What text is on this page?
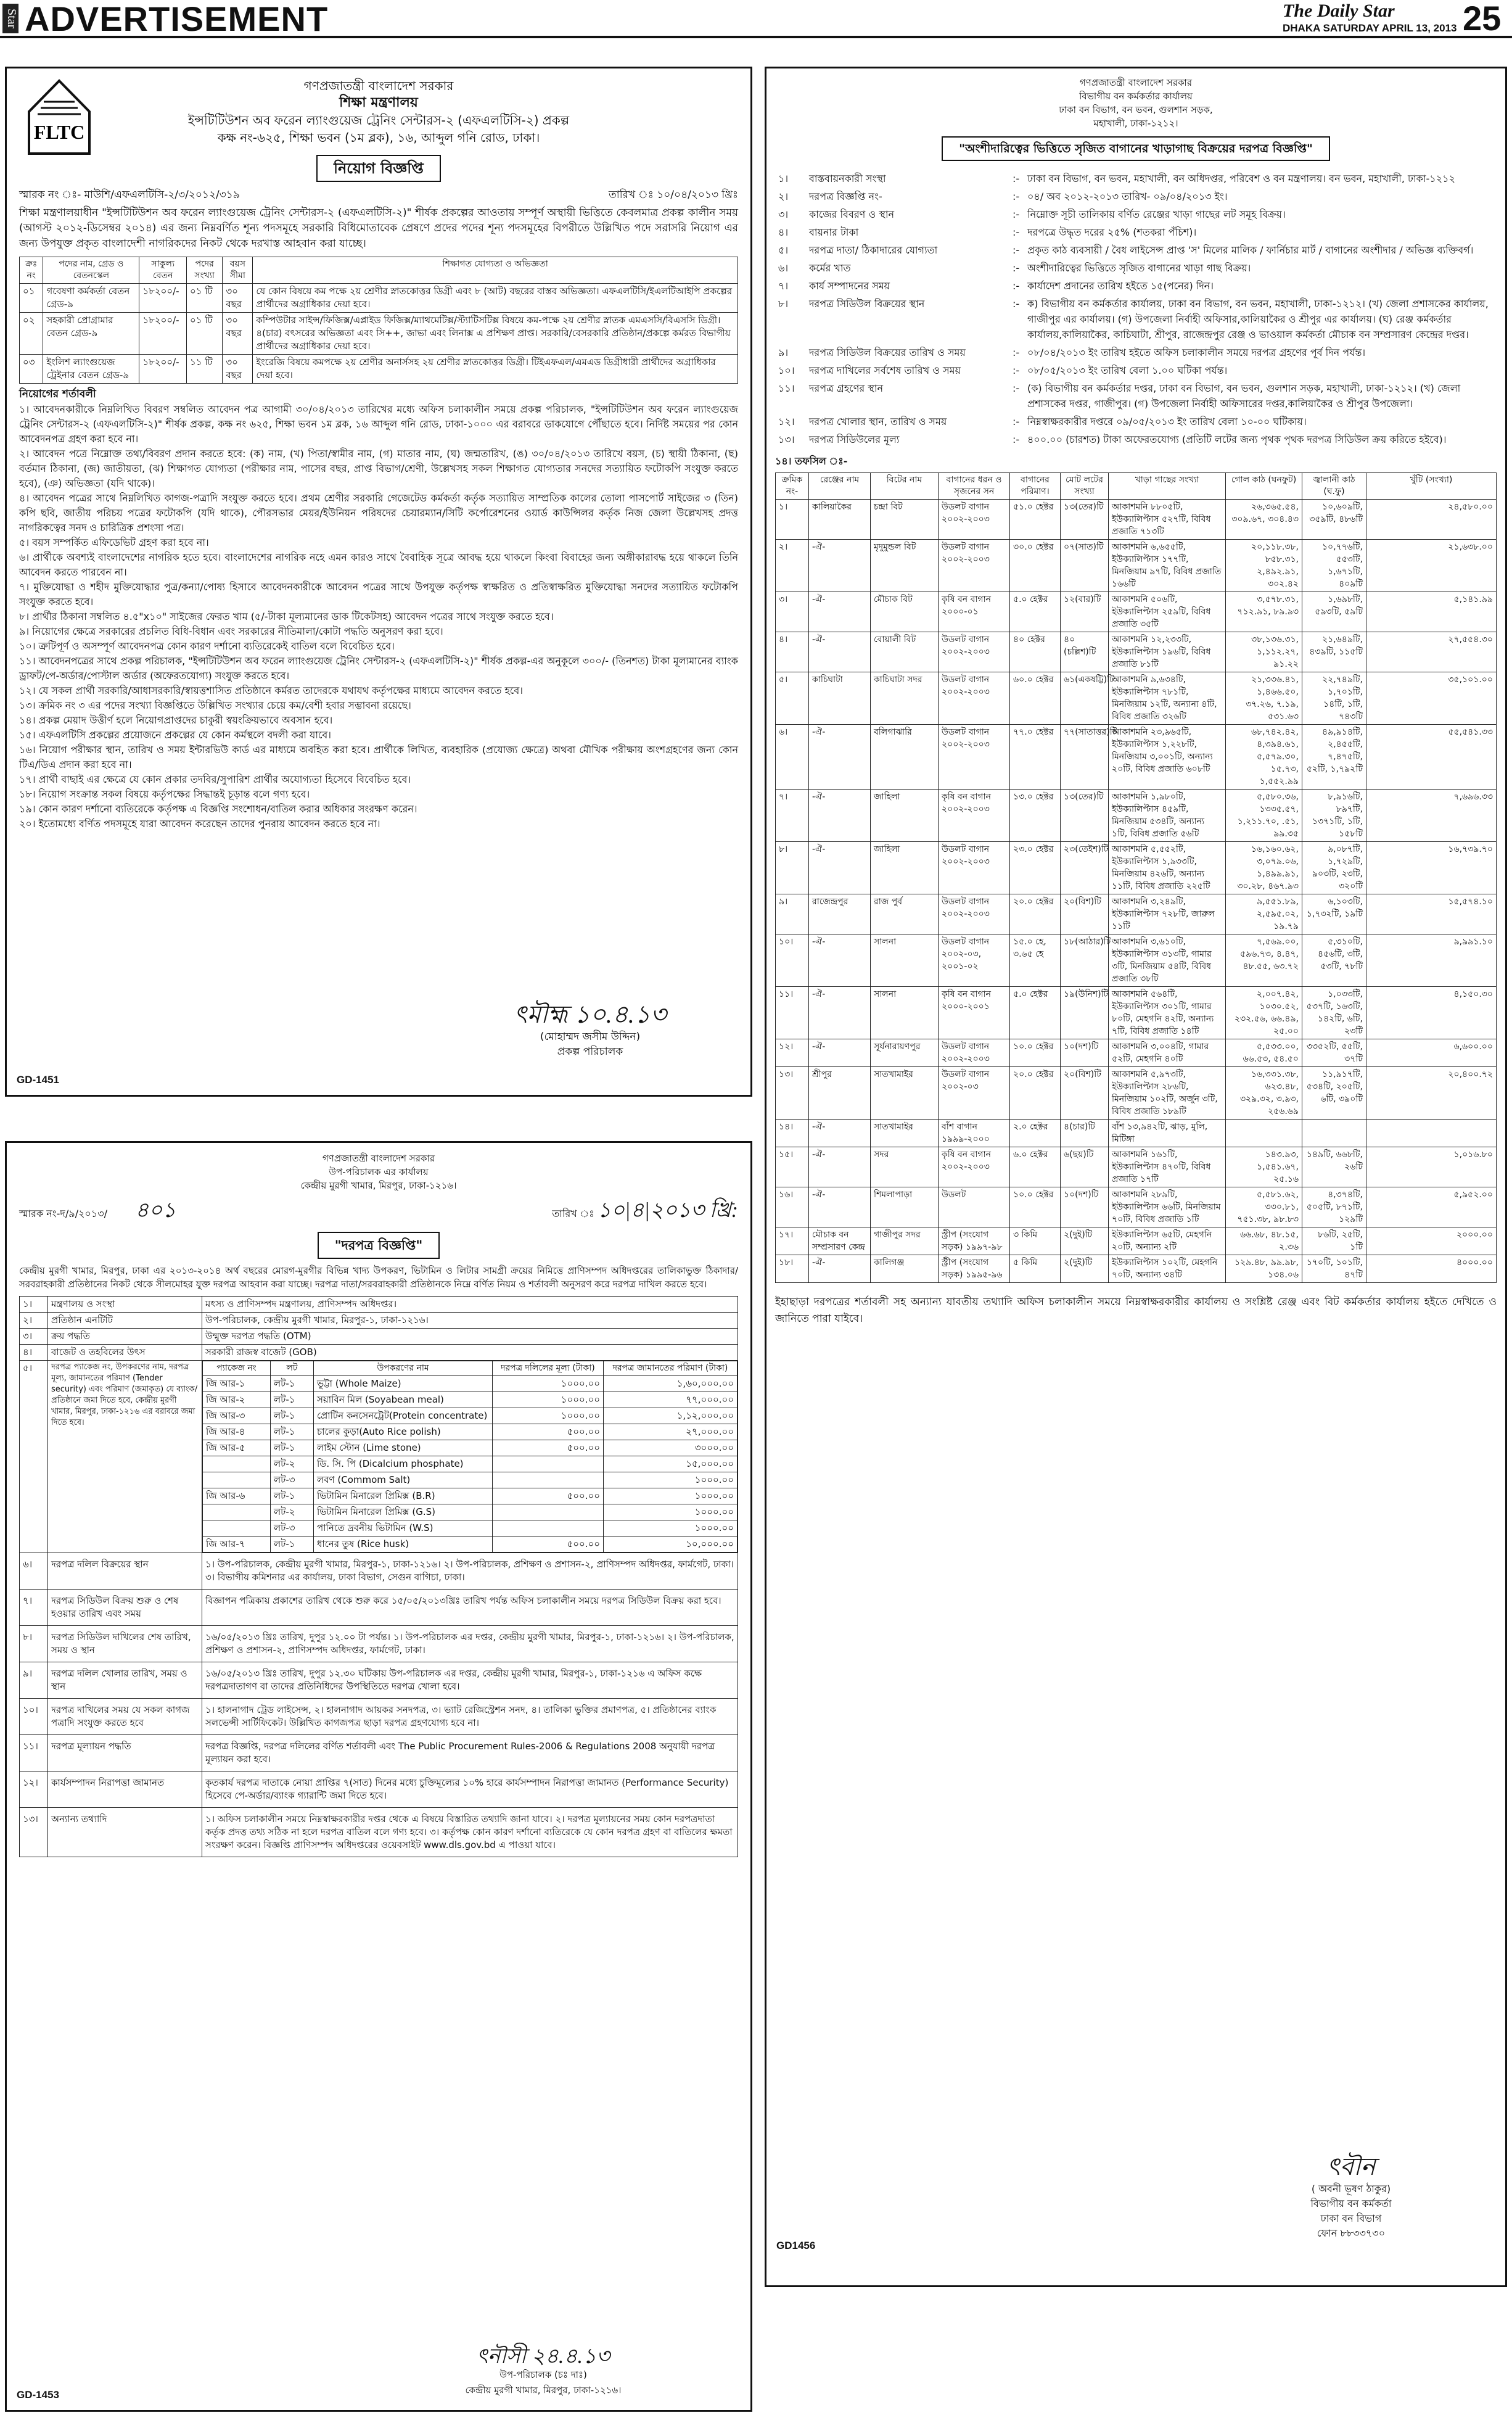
Star ADVERTISEMENT	The Daily Star
DHAKA SATURDAY APRIL 13, 2013 25
FLTC
গণপ্রজাতন্ত্রী বাংলাদেশ সরকার
শিক্ষা মন্ত্রণালয়
ইন্সটিটিউশন অব ফরেন ল্যাংগুয়েজ ট্রেনিং সেন্টারস-২ (এফএলটিসি-২) প্রকল্প
কক্ষ নং-৬২৫, শিক্ষা ভবন (১ম ব্লক), ১৬, আব্দুল গনি রোড, ঢাকা।
নিয়োগ বিজ্ঞপ্তি
স্মারক নং ঃ- মাউশি/এফএলটিসি-২/৩/২০১২/৩১৯	তারিখ ঃ ১০/০৪/২০১৩ খ্রিঃ

শিক্ষা মন্ত্রণালয়াধীন "ইন্সটিটিউশন অব ফরেন ল্যাংগুয়েজ ট্রেনিং সেন্টারস-২ (এফএলটিসি-২)" শীর্ষক প্রকল্পের আওতায় সম্পূর্ণ অস্থায়ী ভিত্তিতে কেবলমাত্র প্রকল্প কালীন সময় (আগস্ট ২০১২-ডিসেম্বর ২০১৪) এর জন্য নিম্নবর্ণিত শূন্য পদসমূহে সরকারি বিধিমোতাবেক প্রেষণে প্রদের পদের শূন্য পদসমূহের বিপরীতে উল্লিখিত পদে সরাসরি নিয়োগ এর জন্য উপযুক্ত প্রকৃত বাংলাদেশী নাগরিকদের নিকট থেকে দরখাস্ত আহবান করা যাচ্ছে।

ক্রঃ নং	পদের নাম, গ্রেড ও বেতনস্কেল	সাকুল্য বেতন	পদের সংখ্যা	বয়স সীমা	শিক্ষাগত যোগ্যতা ও অভিজ্ঞতা
০১	গবেষণা কর্মকর্তা বেতন গ্রেড-৯	১৮২০০/-	০১ টি	৩০ বছর	যে কোন বিষয়ে কম পক্ষে ২য় শ্রেণীর স্নাতকোত্তর ডিগ্রী এবং ৮ (আট) বছরের বাস্তব অভিজ্ঞতা। এফএলটিসি/ইএলটিআইপি প্রকল্পের প্রার্থীদের অগ্রাধিকার দেয়া হবে।
০২	সহকারী প্রোগ্রামার বেতন গ্রেড-৯	১৮২০০/-	০১ টি	৩০ বছর	কম্পিউটার সাইন্স/ফিজিক্স/এপ্লাইড ফিজিক্স/ম্যাথমেটিক্স/স্ট্যাটিসটিক্স বিষয়ে কম-পক্ষে ২য় শ্রেণীর স্নাতক এমএসসি/বিএসসি ডিগ্রী। ৪(চার) বৎসরের অভিজ্ঞতা এবং সি++, জাভা এবং লিনাক্স এ প্রশিক্ষণ প্রাপ্ত। সরকারি/বেসরকারি প্রতিষ্ঠান/প্রকল্পে কর্মরত বিভাগীয় প্রার্থীদের অগ্রাধিকার দেয়া হবে।
০৩	ইংলিশ ল্যাংগুয়েজ ট্রেইনার বেতন গ্রেড-৯	১৮২০০/-	১১ টি	৩০ বছর	ইংরেজি বিষয়ে কমপক্ষে ২য় শ্রেণীর অনার্সসহ ২য় শ্রেণীর স্নাতকোত্তর ডিগ্রী। টিইএফএল/এমএড ডিগ্রীধারী প্রার্থীদের অগ্রাধিকার দেয়া হবে।
নিয়োগের শর্তাবলী
১। আবেদনকারীকে নিম্নলিখিত বিবরণ সম্বলিত আবেদন পত্র আগামী ৩০/০৪/২০১৩ তারিখের মধ্যে অফিস চলাকালীন সময়ে প্রকল্প পরিচালক, "ইন্সটিটিউশন অব ফরেন ল্যাংগুয়েজ ট্রেনিং সেন্টারস-২ (এফএলটিসি-২)" শীর্ষক প্রকল্প, কক্ষ নং ৬২৫, শিক্ষা ভবন ১ম ব্লক, ১৬ আব্দুল গনি রোড, ঢাকা-১০০০ এর বরাবরে ডাকযোগে পৌঁছাতে হবে। নির্দিষ্ট সময়ের পর কোন আবেদনপত্র গ্রহণ করা হবে না।
২। আবেদন পত্রে নিম্নোক্ত তথ্য/বিবরণ প্রদান করতে হবে: (ক) নাম, (খ) পিতা/স্বামীর নাম, (গ) মাতার নাম, (ঘ) জন্মতারিখ, (ঙ) ৩০/০৪/২০১৩ তারিখে বয়স, (চ) স্থায়ী ঠিকানা, (ছ) বর্তমান ঠিকানা, (জ) জাতীয়তা, (ঝ) শিক্ষাগত যোগ্যতা (পরীক্ষার নাম, পাসের বছর, প্রাপ্ত বিভাগ/শ্রেণী, উল্লেখসহ সকল শিক্ষাগত যোগ্যতার সনদের সত্যায়িত ফটোকপি সংযুক্ত করতে হবে), (ঞ) অভিজ্ঞতা (যদি থাকে)।
৪। আবেদন পত্রের সাথে নিম্নলিখিত কাগজ-পত্রাদি সংযুক্ত করতে হবে। প্রথম শ্রেণীর সরকারি গেজেটেড কর্মকর্তা কর্তৃক সত্যায়িত সাম্প্রতিক কালের তোলা পাসপোর্ট সাইজের ৩ (তিন) কপি ছবি, জাতীয় পরিচয় পত্রের ফটোকপি (যদি থাকে), পৌরসভার মেয়র/ইউনিয়ন পরিষদের চেয়ারম্যান/সিটি কর্পোরেশনের ওয়ার্ড কাউন্সিলর কর্তৃক নিজ জেলা উল্লেখসহ প্রদত্ত নাগরিকত্বের সনদ ও চারিত্রিক প্রশংসা পত্র।
৫। বয়স সম্পর্কিত এফিডেভিট গ্রহণ করা হবে না।
৬। প্রার্থীকে অবশ্যই বাংলাদেশের নাগরিক হতে হবে। বাংলাদেশের নাগরিক নহে এমন কারও সাথে বৈবাহিক সূত্রে আবদ্ধ হয়ে থাকলে কিংবা বিবাহের জন্য অঙ্গীকারাবদ্ধ হয়ে থাকলে তিনি আবেদন করতে পারবেন না।
৭। মুক্তিযোদ্ধা ও শহীদ মুক্তিযোদ্ধার পুত্র/কন্যা/পোষ্য হিসাবে আবেদনকারীকে আবেদন পত্রের সাথে উপযুক্ত কর্তৃপক্ষ স্বাক্ষরিত ও প্রতিস্বাক্ষরিত মুক্তিযোদ্ধা সনদের সত্যায়িত ফটোকপি সংযুক্ত করতে হবে।
৮। প্রার্থীর ঠিকানা সম্বলিত ৪.৫"x১০" সাইজের ফেরত খাম (৫/-টাকা মূল্যমানের ডাক টিকেটসহ) আবেদন পত্রের সাথে সংযুক্ত করতে হবে।
৯। নিয়োগের ক্ষেত্রে সরকারের প্রচলিত বিধি-বিধান এবং সরকারের নীতিমালা/কোটা পদ্ধতি অনুসরণ করা হবে।
১০। ত্রুটিপূর্ণ ও অসম্পূর্ণ আবেদনপত্র কোন কারণ দর্শানো ব্যতিরেকেই বাতিল বলে বিবেচিত হবে।
১১। আবেদনপত্রের সাথে প্রকল্প পরিচালক, "ইন্সটিটিউশন অব ফরেন ল্যাংগুয়েজ ট্রেনিং সেন্টারস-২ (এফএলটিসি-২)" শীর্ষক প্রকল্প-এর অনুকূলে ৩০০/- (তিনশত) টাকা মূল্যমানের ব্যাংক ড্রাফট/পে-অর্ডার/পোস্টাল অর্ডার (অফেরতযোগ্য) সংযুক্ত করতে হবে।
১২। যে সকল প্রার্থী সরকারি/আধাসরকারি/স্বায়ত্তশাসিত প্রতিষ্ঠানে কর্মরত তাদেরকে যথাযথ কর্তৃপক্ষের মাধ্যমে আবেদন করতে হবে।
১৩। ক্রমিক নং ৩ এর পদের সংখ্যা বিজ্ঞপ্তিতে উল্লিখিত সংখ্যার চেয়ে কম/বেশী হবার সম্ভাবনা রয়েছে।
১৪। প্রকল্প মেয়াদ উত্তীর্ণ হলে নিয়োগপ্রাপ্তদের চাকুরী স্বয়ংক্রিয়ভাবে অবসান হবে।
১৫। এফএলটিসি প্রকল্পের প্রয়োজনে প্রকল্পের যে কোন কর্মস্থলে বদলী করা যাবে।
১৬। নিয়োগ পরীক্ষার স্থান, তারিখ ও সময় ইন্টারভিউ কার্ড এর মাধ্যমে অবহিত করা হবে। প্রার্থীকে লিখিত, ব্যবহারিক (প্রযোজ্য ক্ষেত্রে) অথবা মৌখিক পরীক্ষায় অংশগ্রহণের জন্য কোন টিএ/ডিএ প্রদান করা হবে না।
১৭। প্রার্থী বাছাই এর ক্ষেত্রে যে কোন প্রকার তদবির/সুপারিশ প্রার্থীর অযোগ্যতা হিসেবে বিবেচিত হবে।
১৮। নিয়োগ সংক্রান্ত সকল বিষয়ে কর্তৃপক্ষের সিদ্ধান্তই চূড়ান্ত বলে গণ্য হবে।
১৯। কোন কারণ দর্শানো ব্যতিরেকে কর্তৃপক্ষ এ বিজ্ঞপ্তি সংশোধন/বাতিল করার অধিকার সংরক্ষণ করেন।
২০। ইতোমধ্যে বর্ণিত পদসমূহে যারা আবেদন করেছেন তাদের পুনরায় আবেদন করতে হবে না।
ৎমৗহ্ম ১০.৪.১৩
(মোহাম্মদ জসীম উদ্দিন)
প্রকল্প পরিচালক
GD-1451
গণপ্রজাতন্ত্রী বাংলাদেশ সরকার
উপ-পরিচালক এর কার্যালয়
কেন্দ্রীয় মুরগী খামার, মিরপুর, ঢাকা-১২১৬।
স্মারক নং-দ/৯/২০১৩/ ৪০১	তারিখ ঃ ১০|৪|২০১৩ খ্রি:
"দরপত্র বিজ্ঞপ্তি"

কেন্দ্রীয় মুরগী খামার, মিরপুর, ঢাকা এর ২০১৩-২০১৪ অর্থ বছরের মোরগ-মুরগীর বিভিন্ন খাদ্য উপকরণ, ভিটামিন ও লিটার সামগ্রী ক্রয়ের নিমিত্তে প্রাণিসম্পদ অধিদপ্তরের তালিকাভুক্ত ঠিকাদার/সরবরাহকারী প্রতিষ্ঠানের নিকট থেকে সীলমোহর যুক্ত দরপত্র আহবান করা যাচ্ছে। দরপত্র দাতা/সরবরাহকারী প্রতিষ্ঠানকে নিম্নে বর্ণিত নিয়ম ও শর্তাবলী অনুসরণ করে দরপত্র দাখিল করতে হবে।

১।	মন্ত্রণালয় ও সংস্থা	মৎস্য ও প্রাণিসম্পদ মন্ত্রণালয়, প্রাণিসম্পদ অধিদপ্তর।
২।	প্রতিষ্ঠান এনটিটি	উপ-পরিচালক, কেন্দ্রীয় মুরগী খামার, মিরপুর-১, ঢাকা-১২১৬।
৩।	ক্রয় পদ্ধতি	উন্মুক্ত দরপত্র পদ্ধতি (OTM)
৪।	বাজেট ও তহবিলের উৎস	সরকারী রাজস্ব বাজেট (GOB)
৫।	দরপত্র প্যাকেজ নং, উপকরণের নাম, দরপত্র মূল্য, জামানতের পরিমাণ (Tender security) এবং পরিমাণ (জমাকৃত) যে ব্যাংক/প্রতিষ্ঠানে জমা দিতে হবে, কেন্দ্রীয় মুরগী খামার, মিরপুর, ঢাকা-১২১৬ এর বরাবরে জমা দিতে হবে।	
প্যাকেজ নং	লট	উপকরণের নাম	দরপত্র দলিলের মূল্য (টাকা)	দরপত্র জামানতের পরিমাণ (টাকা)
জি আর-১	লট-১	ভুট্টা (Whole Maize)	১০০০.০০	১,৬০,০০০.০০
জি আর-২	লট-১	সয়াবিন মিল (Soyabean meal)	১০০০.০০	৭৭,০০০.০০
জি আর-৩	লট-১	প্রোটিন কনসেনট্রেট(Protein concentrate)	১০০০.০০	১,১২,০০০.০০
জি আর-৪	লট-১	চালের কুড়া(Auto Rice polish)	৫০০.০০	২৭,০০০.০০
জি আর-৫	লট-১	লাইম স্টোন (Lime stone)	৫০০.০০	৩০০০.০০
	লট-২	ডি. সি. পি (Dicalcium phosphate)		১৫,০০০.০০
	লট-৩	লবণ (Commom Salt)		১০০০.০০
জি আর-৬	লট-১	ভিটামিন মিনারেল প্রিমিক্স (B.R)	৫০০.০০	১০০০.০০
	লট-২	ভিটামিন মিনারেল প্রিমিক্স (G.S)		১০০০.০০
	লট-৩	পানিতে দ্রবনীয় ভিটামিন (W.S)		১০০০.০০
জি আর-৭	লট-১	ধানের তুষ (Rice husk)	৫০০.০০	১০,০০০.০০

৬।	দরপত্র দলিল বিক্রয়ের স্থান	১। উপ-পরিচালক, কেন্দ্রীয় মুরগী খামার, মিরপুর-১, ঢাকা-১২১৬। ২। উপ-পরিচালক, প্রশিক্ষণ ও প্রশাসন-২, প্রাণিসম্পদ অধিদপ্তর, ফার্মগেট, ঢাকা। ৩। বিভাগীয় কমিশনার এর কার্যালয়, ঢাকা বিভাগ, সেগুন বাগিচা, ঢাকা।
৭।	দরপত্র সিডিউল বিক্রয় শুরু ও শেষ হওয়ার তারিখ এবং সময়	বিজ্ঞাপন পত্রিকায় প্রকাশের তারিখ থেকে শুরু করে ১৫/০৫/২০১৩খ্রিঃ তারিখ পর্যন্ত অফিস চলাকালীন সময়ে দরপত্র সিডিউল বিক্রয় করা হবে।
৮।	দরপত্র সিডিউল দাখিলের শেষ তারিখ, সময় ও স্থান	১৬/০৫/২০১৩ খ্রিঃ তারিখ, দুপুর ১২.০০ টা পর্যন্ত। ১। উপ-পরিচালক এর দপ্তর, কেন্দ্রীয় মুরগী খামার, মিরপুর-১, ঢাকা-১২১৬। ২। উপ-পরিচালক, প্রশিক্ষণ ও প্রশাসন-২, প্রাণিসম্পদ অধিদপ্তর, ফার্মগেট, ঢাকা।
৯।	দরপত্র দলিল খোলার তারিখ, সময় ও স্থান	১৬/০৫/২০১৩ খ্রিঃ তারিখ, দুপুর ১২.৩০ ঘটিকায় উপ-পরিচালক এর দপ্তর, কেন্দ্রীয় মুরগী খামার, মিরপুর-১, ঢাকা-১২১৬ এ অফিস কক্ষে দরপত্রদাতাগণ বা তাদের প্রতিনিধিদের উপস্থিতিতে দরপত্র খোলা হবে।
১০।	দরপত্র দাখিলের সময় যে সকল কাগজ পত্রাদি সংযুক্ত করতে হবে	১। হালনাগাদ ট্রেড লাইসেন্স, ২। হালনাগাদ আয়কর সনদপত্র, ৩। ভ্যাট রেজিস্ট্রেশন সনদ, ৪। তালিকা ভুক্তির প্রমাণপত্র, ৫। প্রতিষ্ঠানের ব্যাংক সলভেন্সী সার্টিফিকেট। উল্লিখিত কাগজপত্র ছাড়া দরপত্র গ্রহণযোগ্য হবে না।
১১।	দরপত্র মূল্যায়ন পদ্ধতি	দরপত্র বিজ্ঞপ্তি, দরপত্র দলিলের বর্ণিত শর্তাবলী এবং The Public Procurement Rules-2006 & Regulations 2008 অনুযায়ী দরপত্র মূল্যায়ন করা হবে।
১২।	কার্যসম্পাদন নিরাপত্তা জামানত	কৃতকার্য দরপত্র দাতাকে নোয়া প্রাপ্তির ৭(সাত) দিনের মধ্যে চুক্তিমূল্যের ১০% হারে কার্যসম্পাদন নিরাপত্তা জামানত (Performance Security) হিসেবে পে-অর্ডার/ব্যাংক গ্যারান্টি জমা দিতে হবে।
১৩।	অন্যান্য তথ্যাদি	১। অফিস চলাকালীন সময়ে নিম্নস্বাক্ষরকারীর দপ্তর থেকে এ বিষয়ে বিস্তারিত তথ্যাদি জানা যাবে। ২। দরপত্র মূল্যায়নের সময় কোন দরপত্রদাতা কর্তৃক প্রদত্ত তথ্য সঠিক না হলে দরপত্র বাতিল বলে গণ্য হবে। ৩। কর্তৃপক্ষ কোন কারণ দর্শানো ব্যতিরেকে যে কোন দরপত্র গ্রহণ বা বাতিলের ক্ষমতা সংরক্ষণ করেন। বিজ্ঞপ্তি প্রাণিসম্পদ অধিদপ্তরের ওয়েবসাইট www.dls.gov.bd এ পাওয়া যাবে।
ৎনৗসী ২৪.৪.১৩
উপ-পরিচালক (চঃ দাঃ)
কেন্দ্রীয় মুরগী খামার, মিরপুর, ঢাকা-১২১৬।
GD-1453
গণপ্রজাতন্ত্রী বাংলাদেশ সরকার
বিভাগীয় বন কর্মকর্তার কার্যালয়
ঢাকা বন বিভাগ, বন ভবন, গুলশান সড়ক,
মহাখালী, ঢাকা-১২১২।
"অংশীদারিত্বের ভিত্তিতে সৃজিত বাগানের খাড়াগাছ বিক্রয়ের দরপত্র বিজ্ঞপ্তি"
১।	বাস্তবায়নকারী সংস্থা	:-	ঢাকা বন বিভাগ, বন ভবন, মহাখালী, বন অধিদপ্তর, পরিবেশ ও বন মন্ত্রণালয়। বন ভবন, মহাখালী, ঢাকা-১২১২
২।	দরপত্র বিজ্ঞপ্তি নং-	:-	০৪/ অব ২০১২-২০১৩ তারিখ- ০৯/০৪/২০১৩ ইং।
৩।	কাজের বিবরণ ও স্থান	:-	নিম্নোক্ত সূচী তালিকায় বর্ণিত রেঞ্জের খাড়া গাছের লট সমূহ বিক্রয়।
৪।	বায়নার টাকা	:-	দরপত্রে উদ্ধৃত দরের ২৫% (শতকরা পঁচিশ)।
৫।	দরপত্র দাতা/ ঠিকাদারের যোগ্যতা	:-	প্রকৃত কাঠ ব্যবসায়ী / বৈধ লাইসেন্স প্রাপ্ত 'স' মিলের মালিক / ফার্নিচার মার্ট / বাগানের অংশীদার / অভিজ্ঞ ব্যক্তিবর্গ।
৬।	কর্মের খাত	:-	অংশীদারিত্বের ভিত্তিতে সৃজিত বাগানের খাড়া গাছ বিক্রয়।
৭।	কার্য সম্পাদনের সময়	:-	কার্যাদেশ প্রদানের তারিখ হইতে ১৫(পনের) দিন।
৮।	দরপত্র সিডিউল বিক্রয়ের স্থান	:-	ক) বিভাগীয় বন কর্মকর্তার কার্যালয়, ঢাকা বন বিভাগ, বন ভবন, মহাখালী, ঢাকা-১২১২। (খ) জেলা প্রশাসকের কার্যালয়, গাজীপুর এর কার্যালয়। (গ) উপজেলা নির্বাহী অফিসার,কালিয়াকৈর ও শ্রীপুর এর কার্যালয়। (ঘ) রেঞ্জ কর্মকর্তার কার্যালয়,কালিয়াকৈর, কাচিঘাটা, শ্রীপুর, রাজেন্দ্রপুর রেঞ্জ ও ভাওয়াল কর্মকর্তা মৌচাক বন সম্প্রসারণ কেন্দ্রের দপ্তর।
৯।	দরপত্র সিডিউল বিক্রয়ের তারিখ ও সময়	:-	০৮/০৪/২০১৩ ইং তারিখ হইতে অফিস চলাকালীন সময়ে দরপত্র গ্রহণের পূর্ব দিন পর্যন্ত।
১০।	দরপত্র দাখিলের সর্বশেষ তারিখ ও সময়	:-	০৮/০৫/২০১৩ ইং তারিখ বেলা ১.০০ ঘটিকা পর্যন্ত।
১১।	দরপত্র গ্রহণের স্থান	:-	(ক) বিভাগীয় বন কর্মকর্তার দপ্তর, ঢাকা বন বিভাগ, বন ভবন, গুলশান সড়ক, মহাখালী, ঢাকা-১২১২। (খ) জেলা প্রশাসকের দপ্তর, গাজীপুর। (গ) উপজেলা নির্বাহী অফিসারের দপ্তর,কালিয়াকৈর ও শ্রীপুর উপজেলা।
১২।	দরপত্র খোলার স্থান, তারিখ ও সময়	:-	নিম্নস্বাক্ষরকারীর দপ্তরে ০৯/০৫/২০১৩ ইং তারিখ বেলা ১০-০০ ঘটিকায়।
১৩।	দরপত্র সিডিউলের মূল্য	:-	৪০০.০০ (চারশত) টাকা অফেরতযোগ্য (প্রতিটি লটের জন্য পৃথক পৃথক দরপত্র সিডিউল ক্রয় করিতে হইবে)।
১৪। তফসিল ঃ-
ক্রমিক নং-	রেঞ্জের নাম	বিটের নাম	বাগানের ধরন ও সৃজনের সন	বাগানের পরিমাণ।	মোট লটের সংখ্যা	খাড়া গাছের সংখ্যা	গোল কাঠ (ঘনফুট)	জ্বালানী কাঠ (ঘ.ফু)	খুঁটি (সংখ্যা)
১।	কালিয়াকৈর	চন্দ্রা বিট	উডলট বাগান ২০০২-২০০৩	৫১.০ হেক্টর	১৩(তের)টি	আকাশমনি ৮৮০৫টি, ইউক্যালিপ্টাস ৫২৭টি, বিবিধ প্রজাতি ৭১৩টি	২৬,৩৬৫.৫৪, ৩০৯.৬৭, ৩০৪.৪৩	১০,৬০৯টি, ৩৫৯টি, ৪৮৬টি	২৪,৫৮০.০০
২।	-ঐ-	মৃদুমুন্ডল বিট	উডলট বাগান ২০০২-২০০৩	৩০.০ হেক্টর	০৭(সাত)টি	আকাশমনি ৬,৬৫৫টি, ইউক্যালিপ্টাস ১৭৭টি, মিনজিয়াম ৯৭টি, বিবিধ প্রজাতি ১৬৬টি	২০,১১৮.৩৮, ৮৫৮.৩১, ২,৪৯২.৯১, ৩০২.৪২	১০,৭৭৬টি, ৫৫৩টি, ১,৬৭১টি, ৪০৯টি	২১,৬৩৮.০০
৩।	-ঐ-	মৌচাক বিট	কৃষি বন বাগান ২০০০-০১	৫.০ হেক্টর	১২(বার)টি	আকাশমনি ৫০৬টি, ইউক্যালিপ্টাস ২৫৯টি, বিবিধ প্রজাতি ৩৫টি	৩,৫৭৮.৩১, ৭১২.৯১, ৮৯.৯৩	১,৬৯৮টি, ৫৯৩টি, ৫৯টি	৫,১৪১.৯৯
৪।	-ঐ-	বোয়ালী বিট	উডলট বাগান ২০০২-২০০৩	৪০ হেক্টর	৪০ (চল্লিশ)টি	আকাশমনি ১২,২৩৩টি, ইউক্যালিপ্টাস ১৯৬টি, বিবিধ প্রজাতি ৮১টি	৩৮,১৩৬.৩১, ১,১১২.২৭, ৯১.২২	২১,৬৪৯টি, ৪৩৯টি, ১১৫টি	২৭,৫৫৪.৩০
৫।	কাচিঘাটা	কাচিঘাটা সদর	উডলট বাগান ২০০২-২০০৩	৬০.০ হেক্টর	৬১(একষট্টি)টি	আকাশমনি ৯,৬৩৪টি, ইউক্যালিপ্টাস ৭৮১টি, মিনজিয়াম ১২টি, অন্যান্য ৪টি, বিবিধ প্রজাতি ৩২৬টি	২১,৩৩৬.৪১, ১,৪৬৬.৫০, ৩৭.২৬, ৭.১৯, ৫৩১.৬৩	২২,৭৪৯টি, ১,৭০১টি, ১৪টি, ১টি, ৭৪৩টি	৩৫,১০১.০০
৬।	-ঐ-	বলিগাঝারি	উডলট বাগান ২০০২-২০০৩	৭৭.০ হেক্টর	৭৭(সাতাত্তর)টি	আকাশমনি ২৩,৯৬৫টি, ইউক্যালিপ্টাস ১,২২৮টি, মিনজিয়াম ৩,০০১টি, অন্যান্য ২০টি, বিবিধ প্রজাতি ৬০৮টি	৬৮,৭৪২.৪২, ৪,৩৯৪.৬১, ৫,৫৭৯.৩০, ১৫.৭৩, ১,৫৫২.৯৯	৪৯,৯১৪টি, ২,৪৫৫টি, ৭,৪৭৫টি, ৫২টি, ১,৭৯২টি	৫৫,৫৪১.৩৩
৭।	-ঐ-	জাহিলা	কৃষি বন বাগান ২০০২-২০০৩	১৩.০ হেক্টর	১৩(তের)টি	আকাশমনি ১,৯৮০টি, ইউক্যালিপ্টাস ৪৫৯টি, মিনজিয়াম ৫৩৪টি, অন্যান্য ১টি, বিবিধ প্রজাতি ৫৬টি	৫,৫৮০.৩৬, ১৩৩৫.৫৭, ১,২১১.৭০, .৫১, ৯৯.৩৫	৮,৯১৬টি, ৮৯৭টি, ১৩৭১টি, ১টি, ১৫৮টি	৭,৬৯৬.৩৩
৮।	-ঐ-	জাহিলা	উডলট বাগান ২০০২-২০০৩	২৩.০ হেক্টর	২৩(তেইশ)টি	আকাশমনি ৫,৫৫২টি, ইউক্যালিপ্টাস ১,৯৩৩টি, মিনজিয়াম ৪২৬টি, অন্যান্য ১১টি, বিবিধ প্রজাতি ২২৫টি	১৬,১৬০.৬২, ৩,০৭৯.০৬, ১,৪৯৯.৯১, ৩০.২৮, ৪৬৭.৯৩	৯,০৮৭টি, ১,৭২৯টি, ৯০৩টি, ২৩টি, ৩২০টি	১৬,৭৩৯.৭০
৯।	রাজেন্দ্রপুর	রাজ পুর্ব	উডলট বাগান ২০০২-২০০৩	২০.০ হেক্টর	২০(বিশ)টি	আকাশমনি ৩,২৪৯টি, ইউক্যালিপ্টাস ৭২৮টি, জারুল ১১টি	৯,৫৫১.৮৯, ২,৫৯৫.০২, ১৯.৭৯	৬,১০৩টি, ১,৭৩২টি, ১৯টি	১৫,৫৭৪.১০
১০।	-ঐ-	সালনা	উডলট বাগান ২০০২-০৩, ২০০১-০২	১৫.০ হে, ৩.৬৫ হে	১৮(আঠার)টি	আকাশমনি ৩,৬১০টি, ইউক্যালিপ্টাস ৩১৩টি, গামার ৩টি, মিনজিয়াম ৫৪টি, বিবিধ প্রজাতি ৩৮টি	৭,৫৬৯.০০, ৫৯৬.৭৩, ৪.৪৭, ৪৮.৫৫, ৬৩.৭২	৫,৩১০টি, ৪৫৬টি, ৩টি, ৫৩টি, ৭৮টি	৯,৯৯১.১০
১১।	-ঐ-	সালনা	কৃষি বন বাগান ২০০০-২০০১	৫.০ হেক্টর	১৯(উনিশ)টি	আকাশমনি ৫৬৪টি, ইউক্যালিপ্টাস ৩০১টি, গামার ৮০টি, মেহগনি ৪২টি, অন্যান্য ৭টি, বিবিধ প্রজাতি ১৪টি	২,০০৭.৪২, ১০৩০.৫২, ২৩২.৫৬, ৬৬.৪৯, ২৫.০০	১,০৩৩টি, ৫৩৭টি, ১৬৩টি, ১৪২টি, ৬টি, ২৩টি	৪,১৫০.৩০
১২।	-ঐ-	সূর্যনারায়ণপুর	উডলট বাগান ২০০২-২০০৩	১০.০ হেক্টর	১০(দশ)টি	আকাশমনি ৩,০০৪টি, গামার ৫২টি, মেহগনি ৪০টি	৫,৫৩৩.০০, ৬৬.৫৩, ৫৪.৫০	৩৩৫২টি, ৫৫টি, ৩৭টি	৬,৬০০.০০
১৩।	শ্রীপুর	সাতখামাইর	উডলট বাগান ২০০২-০৩	২০.০ হেক্টর	২০(বিশ)টি	আকাশমনি ৫,৯৭৩টি, ইউক্যালিপ্টাস ২৮৬টি, মিনজিয়াম ১০২টি, অর্জুন ৩টি, বিবিধ প্রজাতি ১৮৯টি	১৬,৩৩১.৩৮, ৬২৩.৪৮, ৩২৯.৩২, ৩.৯৩, ২৫৬.৬৯	১১,৯১৭টি, ৫৩৪টি, ২০৫টি, ৬টি, ৩৯০টি	২০,৪০০.৭২
১৪।	-ঐ-	সাতখামাইর	বাঁশ বাগান ১৯৯৯-২০০০	২.০ হেক্টর	৪(চার)টি	বাঁশ ১৩,৯৪২টি, ঝাড়, মুলি, মিটিঙ্গা			
১৫।	-ঐ-	সদর	কৃষি বন বাগান ২০০২-২০০৩	৬.০ হেক্টর	৬(ছয়)টি	আকাশমনি ১৬১টি, ইউক্যালিপ্টাস ৪৭০টি, বিবিধ প্রজাতি ১৭টি	১৪৩.৯৩, ১,৫৪১.৬৭, ২৫.১৬	১৪৯টি, ৬৬৮টি, ২৬টি	১,০১৬.৮০
১৬।	-ঐ-	শিমলাপাড়া	উডলট	১০.০ হেক্টর	১০(দশ)টি	আকাশমনি ২৮৯টি, ইউক্যালিপ্টাস ৬৬টি, মিনজিয়াম ৭০টি, বিবিধ প্রজাতি ১টি	৫,৫৮১.৬২, ৩৩০.৮১, ৭৫১.৩৮, ৯৮.৮৩	৪,৩৭৪টি, ৫০৫টি, ৮৭১টি, ১২৯টি	৫,৯৫২.০০
১৭।	মৌচাক বন সম্প্রসারণ কেন্দ্র	গাজীপুর সদর	স্ট্রীপ (সংযোগ সড়ক) ১৯৯৭-৯৮	৩ কিমি	২(দুই)টি	ইউক্যালিপ্টাস ৬৫টি, মেহগনি ২০টি, অন্যান্য ২টি	৬৬.৬৮, ৪৮.১৫, ২.৩৬	৮৬টি, ২৫টি, ১টি	২০০০.০০
১৮।	-ঐ-	কালিগঞ্জ	স্ট্রীপ (সংযোগ সড়ক) ১৯৯৫-৯৬	৫ কিমি	২(দুই)টি	ইউক্যালিপ্টাস ১০২টি, মেহগনি ৭০টি, অন্যান্য ৩৪টি	১২৯.৪৮, ৯৯.৯৮, ১৩৪.০৬	১৭০টি, ১০১টি, ৪৭টি	৪০০০.০০

ইহাছাড়া দরপত্রের শর্তাবলী সহ অন্যান্য যাবতীয় তথ্যাদি অফিস চলাকালীন সময়ে নিম্নস্বাক্ষরকারীর কার্যালয় ও সংশ্লিষ্ট রেঞ্জ এবং বিট কর্মকর্তার কার্যালয় হইতে দেখিতে ও জানিতে পারা যাইবে।

ৎবৗন
( অবনী ভূষণ ঠাকুর)
বিভাগীয় বন কর্মকর্তা
ঢাকা বন বিভাগ
ফোন ৮৮৩৩৭৩০
GD1456
